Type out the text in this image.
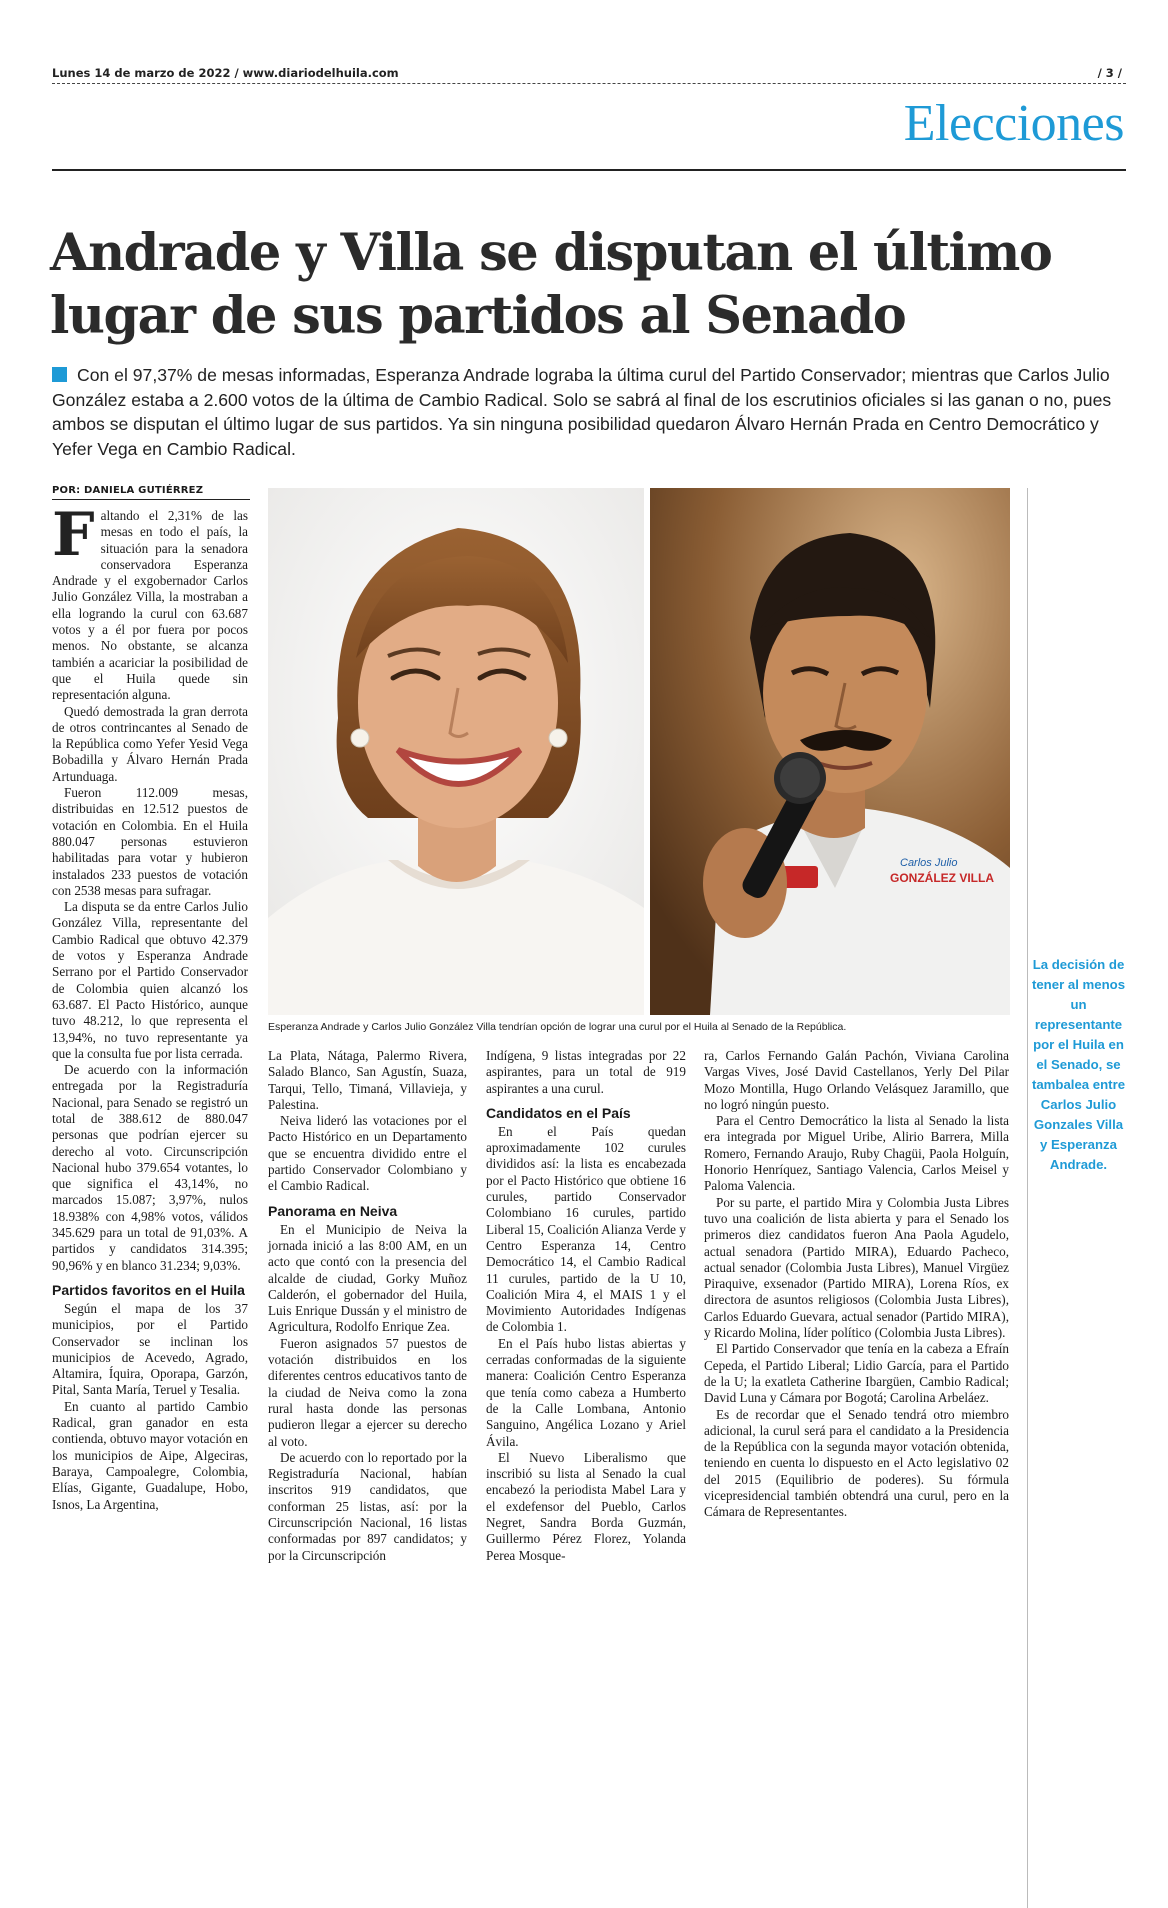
Lunes 14 de marzo de 2022 / www.diariodelhuila.com	/ 3 /
Elecciones
Andrade y Villa se disputan el último lugar de sus partidos al Senado

Con el 97,37% de mesas informadas, Esperanza Andrade lograba la última curul del Partido Conservador; mientras que Carlos Julio González estaba a 2.600 votos de la última de Cambio Radical. Solo se sabrá al final de los escrutinios oficiales si las ganan o no, pues ambos se disputan el último lugar de sus partidos. Ya sin ninguna posibilidad quedaron Álvaro Hernán Prada en Centro Democrático y Yefer Vega en Cambio Radical.

POR: DANIELA GUTIÉRREZ

Faltando el 2,31% de las mesas en todo el país, la situación para la senadora conservadora Esperanza Andrade y el exgobernador Carlos Julio González Villa, la mostraban a ella logrando la curul con 63.687 votos y a él por fuera por pocos menos. No obstante, se alcanza también a acariciar la posibilidad de que el Huila quede sin representación alguna.

Quedó demostrada la gran derrota de otros contrincantes al Senado de la República como Yefer Yesid Vega Bobadilla y Álvaro Hernán Prada Artunduaga.

Fueron 112.009 mesas, distribuidas en 12.512 puestos de votación en Colombia. En el Huila 880.047 personas estuvieron habilitadas para votar y hubieron instalados 233 puestos de votación con 2538 mesas para sufragar.

La disputa se da entre Carlos Julio González Villa, representante del Cambio Radical que obtuvo 42.379 de votos y Esperanza Andrade Serrano por el Partido Conservador de Colombia quien alcanzó los 63.687. El Pacto Histórico, aunque tuvo 48.212, lo que representa el 13,94%, no tuvo representante ya que la consulta fue por lista cerrada.

De acuerdo con la información entregada por la Registraduría Nacional, para Senado se registró un total de 388.612 de 880.047 personas que podrían ejercer su derecho al voto. Circunscripción Nacional hubo 379.654 votantes, lo que significa el 43,14%, no marcados 15.087; 3,97%, nulos 18.938% con 4,98% votos, válidos 345.629 para un total de 91,03%. A partidos y candidatos 314.395; 90,96% y en blanco 31.234; 9,03%.

Partidos favoritos en el Huila

Según el mapa de los 37 municipios, por el Partido Conservador se inclinan los municipios de Acevedo, Agrado, Altamira, Íquira, Oporapa, Garzón, Pital, Santa María, Teruel y Tesalia.

En cuanto al partido Cambio Radical, gran ganador en esta contienda, obtuvo mayor votación en los municipios de Aipe, Algeciras, Baraya, Campoalegre, Colombia, Elías, Gigante, Guadalupe, Hobo, Isnos, La Argentina,

Carlos Julio
GONZÁLEZ VILLA
Esperanza Andrade y Carlos Julio González Villa tendrían opción de lograr una curul por el Huila al Senado de la República.

La Plata, Nátaga, Palermo Rivera, Salado Blanco, San Agustín, Suaza, Tarqui, Tello, Timaná, Villavieja, y Palestina.

Neiva lideró las votaciones por el Pacto Histórico en un Departamento que se encuentra dividido entre el partido Conservador Colombiano y el Cambio Radical.

Panorama en Neiva

En el Municipio de Neiva la jornada inició a las 8:00 AM, en un acto que contó con la presencia del alcalde de ciudad, Gorky Muñoz Calderón, el gobernador del Huila, Luis Enrique Dussán y el ministro de Agricultura, Rodolfo Enrique Zea.

Fueron asignados 57 puestos de votación distribuidos en los diferentes centros educativos tanto de la ciudad de Neiva como la zona rural hasta donde las personas pudieron llegar a ejercer su derecho al voto.

De acuerdo con lo reportado por la Registraduría Nacional, habían inscritos 919 candidatos, que conforman 25 listas, así: por la Circunscripción Nacional, 16 listas conformadas por 897 candidatos; y por la Circunscripción

Indígena, 9 listas integradas por 22 aspirantes, para un total de 919 aspirantes a una curul.

Candidatos en el País

En el País quedan aproximadamente 102 curules divididos así: la lista es encabezada por el Pacto Histórico que obtiene 16 curules, partido Conservador Colombiano 16 curules, partido Liberal 15, Coalición Alianza Verde y Centro Esperanza 14, Centro Democrático 14, el Cambio Radical 11 curules, partido de la U 10, Coalición Mira 4, el MAIS 1 y el Movimiento Autoridades Indígenas de Colombia 1.

En el País hubo listas abiertas y cerradas conformadas de la siguiente manera: Coalición Centro Esperanza que tenía como cabeza a Humberto de la Calle Lombana, Antonio Sanguino, Angélica Lozano y Ariel Ávila.

El Nuevo Liberalismo que inscribió su lista al Senado la cual encabezó la periodista Mabel Lara y el exdefensor del Pueblo, Carlos Negret, Sandra Borda Guzmán, Guillermo Pérez Florez, Yolanda Perea Mosque-

ra, Carlos Fernando Galán Pachón, Viviana Carolina Vargas Vives, José David Castellanos, Yerly Del Pilar Mozo Montilla, Hugo Orlando Velásquez Jaramillo, que no logró ningún puesto.

Para el Centro Democrático la lista al Senado la lista era integrada por Miguel Uribe, Alirio Barrera, Milla Romero, Fernando Araujo, Ruby Chagüi, Paola Holguín, Honorio Henríquez, Santiago Valencia, Carlos Meisel y Paloma Valencia.

Por su parte, el partido Mira y Colombia Justa Libres tuvo una coalición de lista abierta y para el Senado los primeros diez candidatos fueron Ana Paola Agudelo, actual senadora (Partido MIRA), Eduardo Pacheco, actual senador (Colombia Justa Libres), Manuel Virgüez Piraquive, exsenador (Partido MIRA), Lorena Ríos, ex directora de asuntos religiosos (Colombia Justa Libres), Carlos Eduardo Guevara, actual senador (Partido MIRA), y Ricardo Molina, líder político (Colombia Justa Libres).

El Partido Conservador que tenía en la cabeza a Efraín Cepeda, el Partido Liberal; Lidio García, para el Partido de la U; la exatleta Catherine Ibargüen, Cambio Radical; David Luna y Cámara por Bogotá; Carolina Arbeláez.

Es de recordar que el Senado tendrá otro miembro adicional, la curul será para el candidato a la Presidencia de la República con la segunda mayor votación obtenida, teniendo en cuenta lo dispuesto en el Acto legislativo 02 del 2015 (Equilibrio de poderes). Su fórmula vicepresidencial también obtendrá una curul, pero en la Cámara de Representantes.

La decisión de tener al menos un representante por el Huila en el Senado, se tambalea entre Carlos Julio Gonzales Villa y Esperanza Andrade.
